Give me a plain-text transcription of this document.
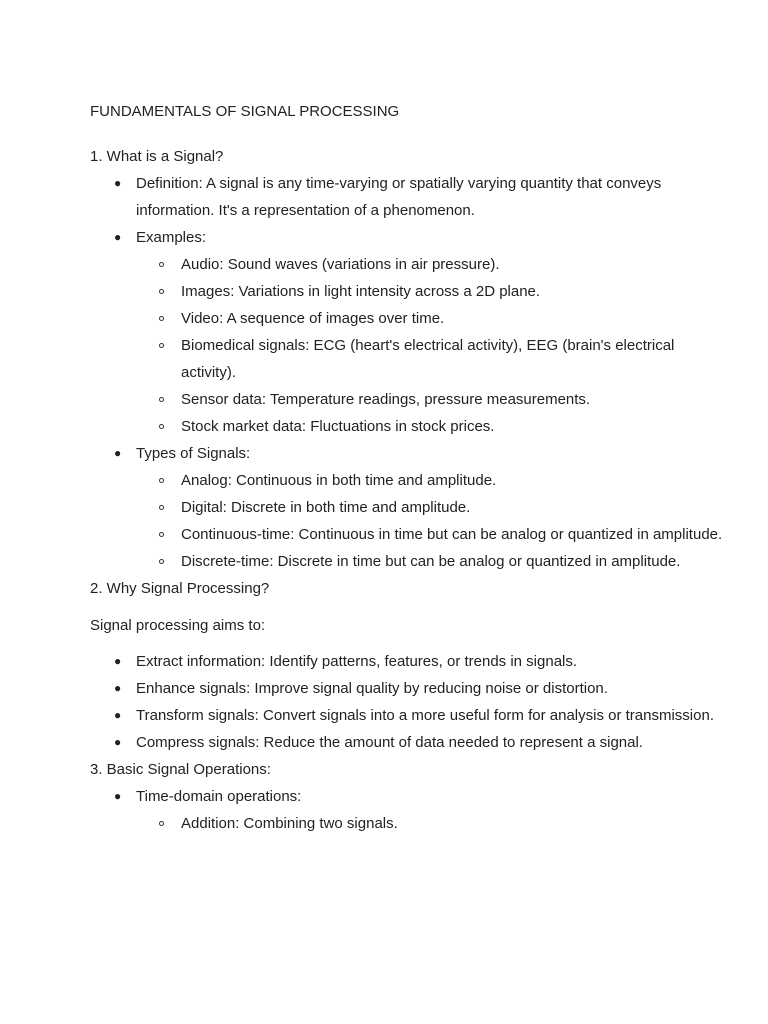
FUNDAMENTALS OF SIGNAL PROCESSING
1. What is a Signal?
● Definition: A signal is any time-varying or spatially varying quantity that conveys information. It's a representation of a phenomenon.
● Examples:
Audio: Sound waves (variations in air pressure).
Images: Variations in light intensity across a 2D plane.
Video: A sequence of images over time.
Biomedical signals: ECG (heart's electrical activity), EEG (brain's electrical activity).
Sensor data: Temperature readings, pressure measurements.
Stock market data: Fluctuations in stock prices.
● Types of Signals:
Analog: Continuous in both time and amplitude.
Digital: Discrete in both time and amplitude.
Continuous-time: Continuous in time but can be analog or quantized in amplitude.
Discrete-time: Discrete in time but can be analog or quantized in amplitude.
2. Why Signal Processing?
Signal processing aims to:
● Extract information: Identify patterns, features, or trends in signals.
● Enhance signals: Improve signal quality by reducing noise or distortion.
● Transform signals: Convert signals into a more useful form for analysis or transmission.
● Compress signals: Reduce the amount of data needed to represent a signal.
3. Basic Signal Operations:
● Time-domain operations:
Addition: Combining two signals.
